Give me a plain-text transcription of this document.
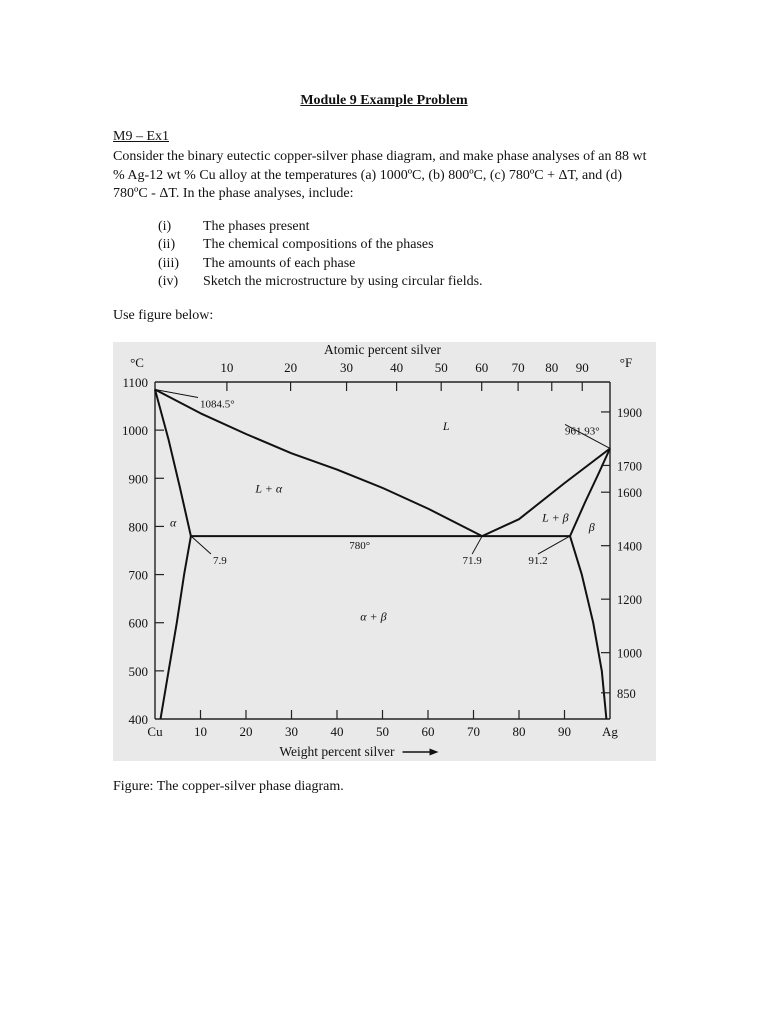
Module 9 Example Problem
M9 – Ex1
Consider the binary eutectic copper-silver phase diagram, and make phase analyses of an 88 wt % Ag-12 wt % Cu alloy at the temperatures (a) 1000ºC, (b) 800ºC, (c) 780ºC + ΔT, and (d) 780ºC - ΔT. In the phase analyses, include:
(i)	The phases present
(ii)	The chemical compositions of the phases
(iii)	The amounts of each phase
(iv)	Sketch the microstructure by using circular fields.
Use figure below:
Cu 10	20	30	40	50	60	70	80	90 Ag
10	20	30	40 50 60 70 80 90
400
500
600
700
800
900
1000
1100
850
1000
1200
1400
1600
1700
1900
°C	°F
Atomic percent silver
Weight percent silver
1084.5°
961.93°
780°
7.9	71.9	91.2
L
L + α
L + β
α	β
α + β
Figure: The copper-silver phase diagram.
